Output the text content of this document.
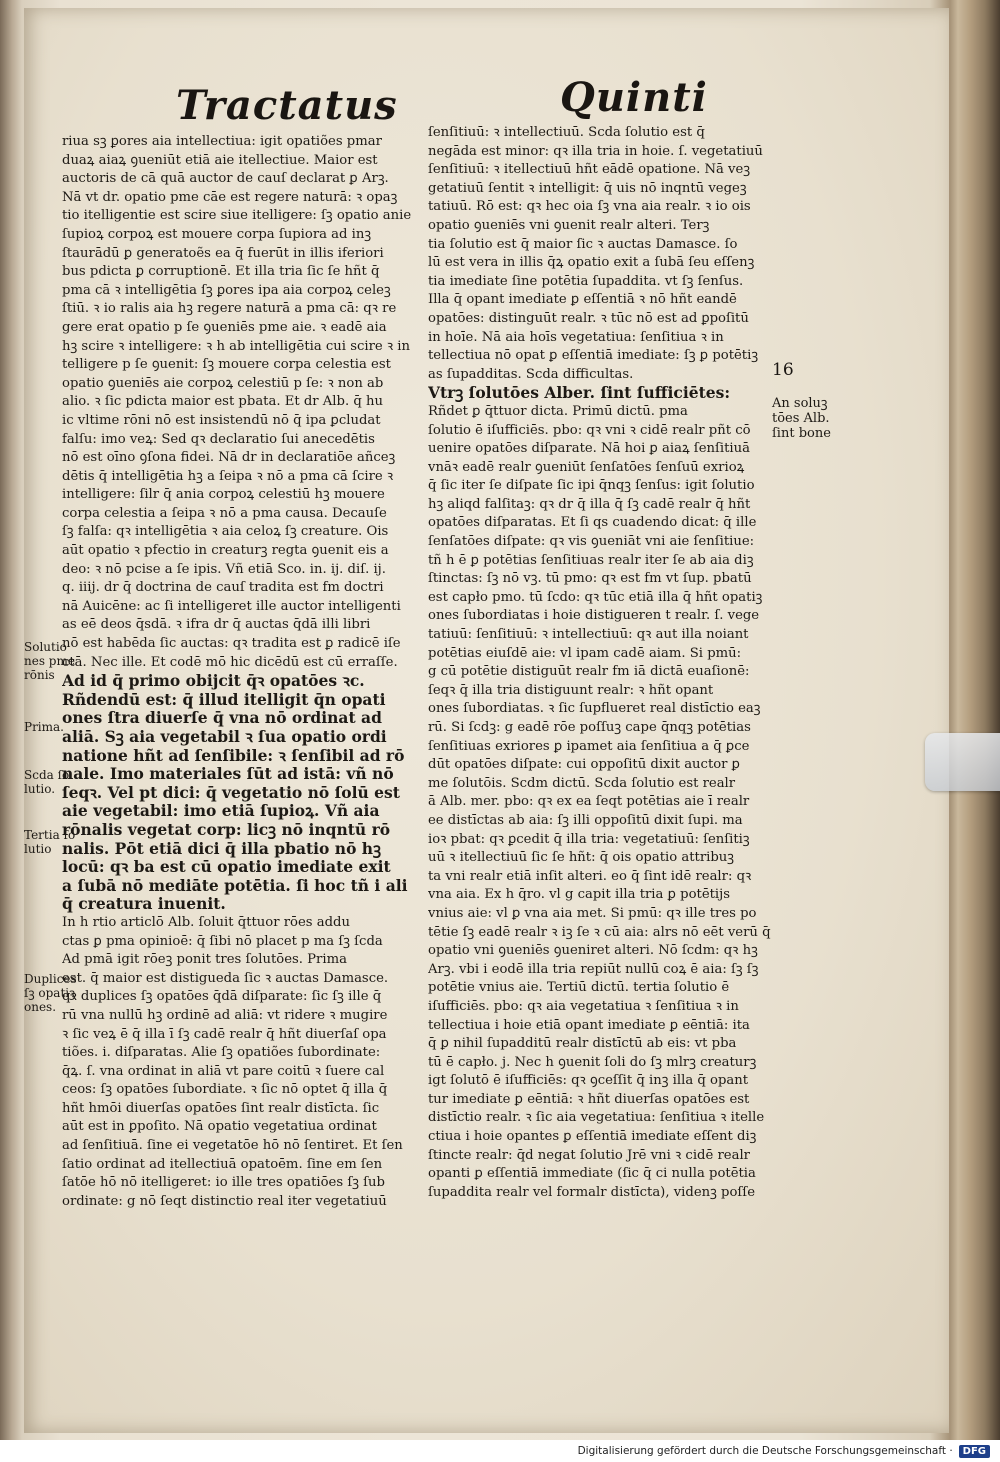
Tractatus	Quinti
16
riua sꝫ ꝑores aia intellectiua: igit opatiões pmar
duaꝝ aiaꝝ ꝯueniūt etiā aie itellectiue. Maior est
auctoris de cā quā auctor de cauſ declarat ꝑ Arꝫ.
Nā vt dr. opatio pme cāe est regere naturā: ꝛ opaꝫ
tio itelligentie est scire siue itelligere: ſꝫ opatio anie
ſupioꝝ corpoꝝ est mouere corpa ſupiora ad inꝫ
ſtaurādū ꝑ generatoẽs ea q̄ fuerūt in illis iferiori
bus pdicta ꝑ corruptionē. Et illa tria ſic ſe hñt q̄
pma cā ꝛ intelligētia ſꝫ ꝑores ipa aia corpoꝝ celeꝫ
ſtiū. ꝛ io ralis aia hꝫ regere naturā a pma cā: qꝛ re
gere erat opatio p ſe ꝯueniēs pme aie. ꝛ eadē aia
hꝫ scire ꝛ intelligere: ꝛ h ab intelligētia cui scire ꝛ in
telligere p ſe ꝯuenit: ſꝫ mouere corpa celestia est
opatio ꝯueniēs aie corpoꝝ celestiū p ſe: ꝛ non ab
alio. ꝛ ſic pdicta maior est pbata. Et dr Alb. q̄ hu
ic vltime rōni nō est insistendū nō q̄ ipa ꝑcludat
falſu: imo veꝝ: Sed qꝛ declaratio ſui anecedētis
nō est oīno ꝯſona fidei. Nā dr in declaratiōe añceꝫ
dētis q̄ intelligētia hꝫ a ſeipa ꝛ nō a pma cā ſcire ꝛ
intelligere: ſilr q̄ ania corpoꝝ celestiū hꝫ mouere
corpa celestia a ſeipa ꝛ nō a pma causa. Decauſe
ſꝫ falſa: qꝛ intelligētia ꝛ aia celoꝝ ſꝫ creature. Ois
aūt opatio ꝛ pfectio in creaturꝫ regta ꝯuenit eis a
deo: ꝛ nō pcise a ſe ipis. Vñ etiā Sco. in. ij. diſ. ij.
q. iiij. dr q̄ doctrina de cauſ tradita est fm doctri
nā Auicēne: ac ſi intelligeret ille auctor intelligenti
as eē deos q̄sdā. ꝛ ifra dr q̄ auctas q̄dā illi libri
nō est habēda ſic auctas: qꝛ tradita est ꝑ radicē iſe
ctā. Nec ille. Et codē mō hic dicēdū est cū erraſſe.
Ad id q̄ primo obijcit q̄ꝛ opatōes ꝛc.
Rñdendū est: q̄ illud itelligit q̄n opati
ones ſtra diuerſe q̄ vna nō ordinat ad
aliā. Sꝫ aia vegetabil ꝛ ſua opatio ordi
natione hñt ad ſenſibile: ꝛ ſenſibil ad rō
nale. Imo materiales ſūt ad istā: vñ nō
ſeqꝛ. Vel pt dici: q̄ vegetatio nō ſolū est
aie vegetabil: imo etiā ſupioꝝ. Vñ aia
rōnalis vegetat corp: licꝫ nō inqntū rō
nalis. Pōt etiā dici q̄ illa pbatio nō hꝫ
locū: qꝛ ba est cū opatio imediate exit
a ſubā nō mediāte potētia. ſi hoc tñ i ali
q̄ creatura inuenit.
In h rtio articlō Alb. ſoluit q̄ttuor rōes addu
ctas ꝑ pma opinioē: q̄ ſibi nō placet p ma ſꝫ ſcda
Ad pmā igit rōeꝫ ponit tres ſolutōes. Prima
est. q̄ maior est distigueda ſic ꝛ auctas Damasce.
qꝛ duplices ſꝫ opatōes q̄dā diſparate: ſic ſꝫ ille q̄
rū vna nullū hꝫ ordinē ad aliā: vt ridere ꝛ mugire
ꝛ ſic veꝝ ē q̄ illa ī ſꝫ cadē realr q̄ hñt diuerſaſ opa
tiões. i. diſparatas. Alie ſꝫ opatiões ſubordinate:
q̄ꝝ. ſ. vna ordinat in aliā vt pare coitū ꝛ ſuere cal
ceos: ſꝫ opatōes ſubordiate. ꝛ ſic nō optet q̄ illa q̄
hñt hmōi diuerſas opatōes ſint realr distīcta. ſic
aūt est in ꝑpoſito. Nā opatio vegetatiua ordinat
ad ſenſitiuā. ſine ei vegetatōe hō nō ſentiret. Et ſen
ſatio ordinat ad itellectiuā opatoēm. ſine em ſen
ſatōe hō nō itelligeret: io ille tres opatiōes ſꝫ ſub
ordinate: g nō ſeqt distinctio real iter vegetatiuū
ſenſitiuū: ꝛ intellectiuū. Scda ſolutio est q̄
negāda est minor: qꝛ illa tria in hoie. ſ. vegetatiuū
ſenſitiuū: ꝛ itellectiuū hñt eādē opatione. Nā veꝫ
getatiuū ſentit ꝛ intelligit: q̄ uis nō inqntū vegeꝫ
tatiuū. Rō est: qꝛ hec oia ſꝫ vna aia realr. ꝛ io ois
opatio ꝯueniēs vni ꝯuenit realr alteri. Terꝫ
tia ſolutio est q̄ maior ſic ꝛ auctas Damasce. ſo
lū est vera in illis q̄ꝝ opatio exit a ſubā ſeu eſſenꝫ
tia imediate ſine potētia ſupaddita. vt ſꝫ ſenſus.
Illa q̄ opant imediate ꝑ eſſentiā ꝛ nō hñt eandē
opatōes: distinguūt realr. ꝛ tūc nō est ad ꝑpoſitū
in hoīe. Nā aia hoīs vegetatiua: ſenſitiua ꝛ in
tellectiua nō opat ꝑ eſſentiā imediate: ſꝫ ꝑ potētiꝫ
as ſupadditas. Scda difficultas.
Vtrꝫ ſolutōes Alber. ſint ſufficiētes:
Rñdet ꝑ q̄ttuor dicta. Primū dictū. pma
ſolutio ē iſufficiēs. pbo: qꝛ vni ꝛ cidē realr pñt cō
uenire opatōes diſparate. Nā hoi ꝑ aiaꝝ ſenſitiuā
vnāꝛ eadē realr ꝯueniūt ſenſatōes ſenſuū exrioꝝ
q̄ ſic iter ſe diſpate ſic ipi q̄nqꝫ ſenſus: igit ſolutio
hꝫ aliqd falſitaꝫ: qꝛ dr q̄ illa q̄ ſꝫ cadē realr q̄ hñt
opatōes diſparatas. Et ſi qs cuadendo dicat: q̄ ille
ſenſatōes diſpate: qꝛ vis ꝯueniāt vni aie ſenſitiue:
tñ h ē ꝑ potētias ſenſitiuas realr iter ſe ab aia diꝫ
ſtinctas: ſꝫ nō vꝫ. tū pmo: qꝛ est fm vt ſup. pbatū
est capło pmo. tū ſcdo: qꝛ tūc etiā illa q̄ hñt opatiꝫ
ones ſubordiatas i hoie distigueren t realr. ſ. vege
tatiuū: ſenſitiuū: ꝛ intellectiuū: qꝛ aut illa noiant
potētias eiuſdē aie: vl ipam cadē aiam. Si pmū:
g cū potētie distiguūt realr fm iā dictā euaſionē:
ſeqꝛ q̄ illa tria distiguunt realr: ꝛ hñt opant
ones ſubordiatas. ꝛ ſic ſupflueret real distīctio eaꝫ
rū. Si ſcdꝫ: g eadē rōe poſſuꝫ cape q̄nqꝫ potētias
ſenſitiuas exriores ꝑ ipamet aia ſenſitiua a q̄ ꝑce
dūt opatōes diſpate: cui oppoſitū dixit auctor ꝑ
me ſolutōis. Scdm dictū. Scda ſolutio est realr
ā Alb. mer. pbo: qꝛ ex ea ſeqt potētias aie ī realr
ee distīctas ab aia: ſꝫ illi oppoſitū dixit ſupi. ma
ioꝛ pbat: qꝛ ꝑcedit q̄ illa tria: vegetatiuū: ſenſitiꝫ
uū ꝛ itellectiuū ſic ſe hñt: q̄ ois opatio attribuꝫ
ta vni realr etiā inſit alteri. eo q̄ ſint idē realr: qꝛ
vna aia. Ex h q̄ro. vl g capit illa tria ꝑ potētijs
vnius aie: vl ꝑ vna aia met. Si pmū: qꝛ ille tres po
tētie ſꝫ eadē realr ꝛ iꝫ ſe ꝛ cū aia: alrs nō eēt verū q̄
opatio vni ꝯueniēs ꝯueniret alteri. Nō ſcdm: qꝛ hꝫ
Arꝫ. vbi i eodē illa tria repiūt nullū coꝝ ē aia: ſꝫ ſꝫ
potētie vnius aie. Tertiū dictū. tertia ſolutio ē
iſufficiēs. pbo: qꝛ aia vegetatiua ꝛ ſenſitiua ꝛ in
tellectiua i hoie etiā opant imediate ꝑ eēntiā: ita
q̄ ꝑ nihil ſupadditū realr distīctū ab eis: vt pba
tū ē capło. j. Nec h ꝯuenit ſoli do ſꝫ mlrꝫ creaturꝫ
igt ſolutō ē iſufficiēs: qꝛ ꝯceſſit q̄ inꝫ illa q̄ opant
tur imediate ꝑ eēntiā: ꝛ hñt diuerſas opatōes est
distīctio realr. ꝛ ſic aia vegetatiua: ſenſitiua ꝛ itelle
ctiua i hoie opantes ꝑ eſſentiā imediate eſſent diꝫ
ſtincte realr: q̄d negat ſolutio Jrē vni ꝛ cidē realr
opanti ꝑ eſſentiā immediate (ſic q̄ ci nulla potētia
ſupaddita realr vel formalr distīcta), videnꝫ poſſe
Solutio
nes pme
rōnis
Prima.
Scda ſo
lutio.
Tertia ſo
lutio
Duplices
ſꝫ opatiꝫ
ones.
An soluꝫ
tōes Alb.
ſint bone
Digitalisierung gefördert durch die Deutsche Forschungsgemeinschaft ·	DFG
